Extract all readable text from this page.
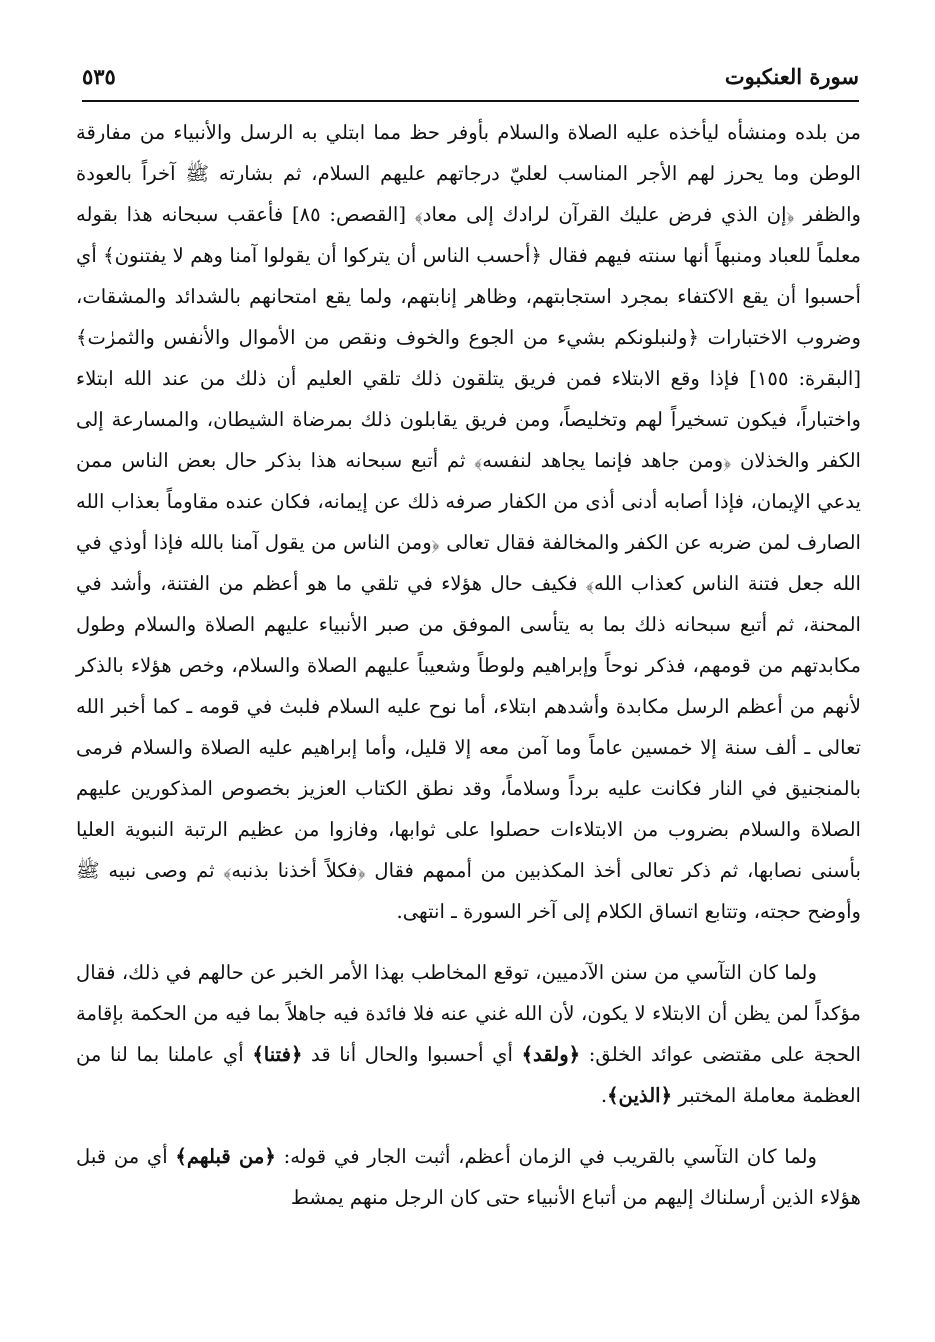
سورة العنكبوت
٥٣٥

من بلده ومنشأه ليأخذه عليه الصلاة والسلام بأوفر حظ مما ابتلي به الرسل والأنبياء من مفارقة الوطن وما يحرز لهم الأجر المناسب لعليّ درجاتهم عليهم السلام، ثم بشارته ﷺ آخراً بالعودة والظفر ﴿إن الذي فرض عليك القرآن لرادك إلى معاد﴾ [القصص: ٨٥] فأعقب سبحانه هذا بقوله معلماً للعباد ومنبهاً أنها سنته فيهم فقال ﴿أحسب الناس أن يتركوا أن يقولوا آمنا وهم لا يفتنون﴾ أي أحسبوا أن يقع الاكتفاء بمجرد استجابتهم، وظاهر إنابتهم، ولما يقع امتحانهم بالشدائد والمشقات، وضروب الاختبارات ﴿ولنبلونكم بشيء من الجوع والخوف ونقص من الأموال والأنفس والثمرٰت﴾ [البقرة: ١٥٥] فإذا وقع الابتلاء فمن فريق يتلقون ذلك تلقي العليم أن ذلك من عند الله ابتلاء واختباراً، فيكون تسخيراً لهم وتخليصاً، ومن فريق يقابلون ذلك بمرضاة الشيطان، والمسارعة إلى الكفر والخذلان ﴿ومن جاهد فإنما يجاهد لنفسه﴾ ثم أتبع سبحانه هذا بذكر حال بعض الناس ممن يدعي الإيمان، فإذا أصابه أدنى أذى من الكفار صرفه ذلك عن إيمانه، فكان عنده مقاوماً بعذاب الله الصارف لمن ضربه عن الكفر والمخالفة فقال تعالى ﴿ومن الناس من يقول آمنا بالله فإذا أوذي في الله جعل فتنة الناس كعذاب الله﴾ فكيف حال هؤلاء في تلقي ما هو أعظم من الفتنة، وأشد في المحنة، ثم أتبع سبحانه ذلك بما به يتأسى الموفق من صبر الأنبياء عليهم الصلاة والسلام وطول مكابدتهم من قومهم، فذكر نوحاً وإبراهيم ولوطاً وشعيباً عليهم الصلاة والسلام، وخص هؤلاء بالذكر لأنهم من أعظم الرسل مكابدة وأشدهم ابتلاء، أما نوح عليه السلام فلبث في قومه ـ كما أخبر الله تعالى ـ ألف سنة إلا خمسين عاماً وما آمن معه إلا قليل، وأما إبراهيم عليه الصلاة والسلام فرمى بالمنجنيق في النار فكانت عليه برداً وسلاماً، وقد نطق الكتاب العزيز بخصوص المذكورين عليهم الصلاة والسلام بضروب من الابتلاءات حصلوا على ثوابها، وفازوا من عظيم الرتبة النبوية العليا بأسنى نصابها، ثم ذكر تعالى أخذ المكذبين من أممهم فقال ﴿فكلاً أخذنا بذنبه﴾ ثم وصى نبيه ﷺ وأوضح حجته، وتتابع اتساق الكلام إلى آخر السورة ـ انتهى.

ولما كان التآسي من سنن الآدميين، توقع المخاطب بهذا الأمر الخبر عن حالهم في ذلك، فقال مؤكداً لمن يظن أن الابتلاء لا يكون، لأن الله غني عنه فلا فائدة فيه جاهلاً بما فيه من الحكمة بإقامة الحجة على مقتضى عوائد الخلق: ﴿ولقد﴾ أي أحسبوا والحال أنا قد ﴿فتنا﴾ أي عاملنا بما لنا من العظمة معاملة المختبر ﴿الذين﴾.

ولما كان التآسي بالقريب في الزمان أعظم، أثبت الجار في قوله: ﴿من قبلهم﴾ أي من قبل هؤلاء الذين أرسلناك إليهم من أتباع الأنبياء حتى كان الرجل منهم يمشط
